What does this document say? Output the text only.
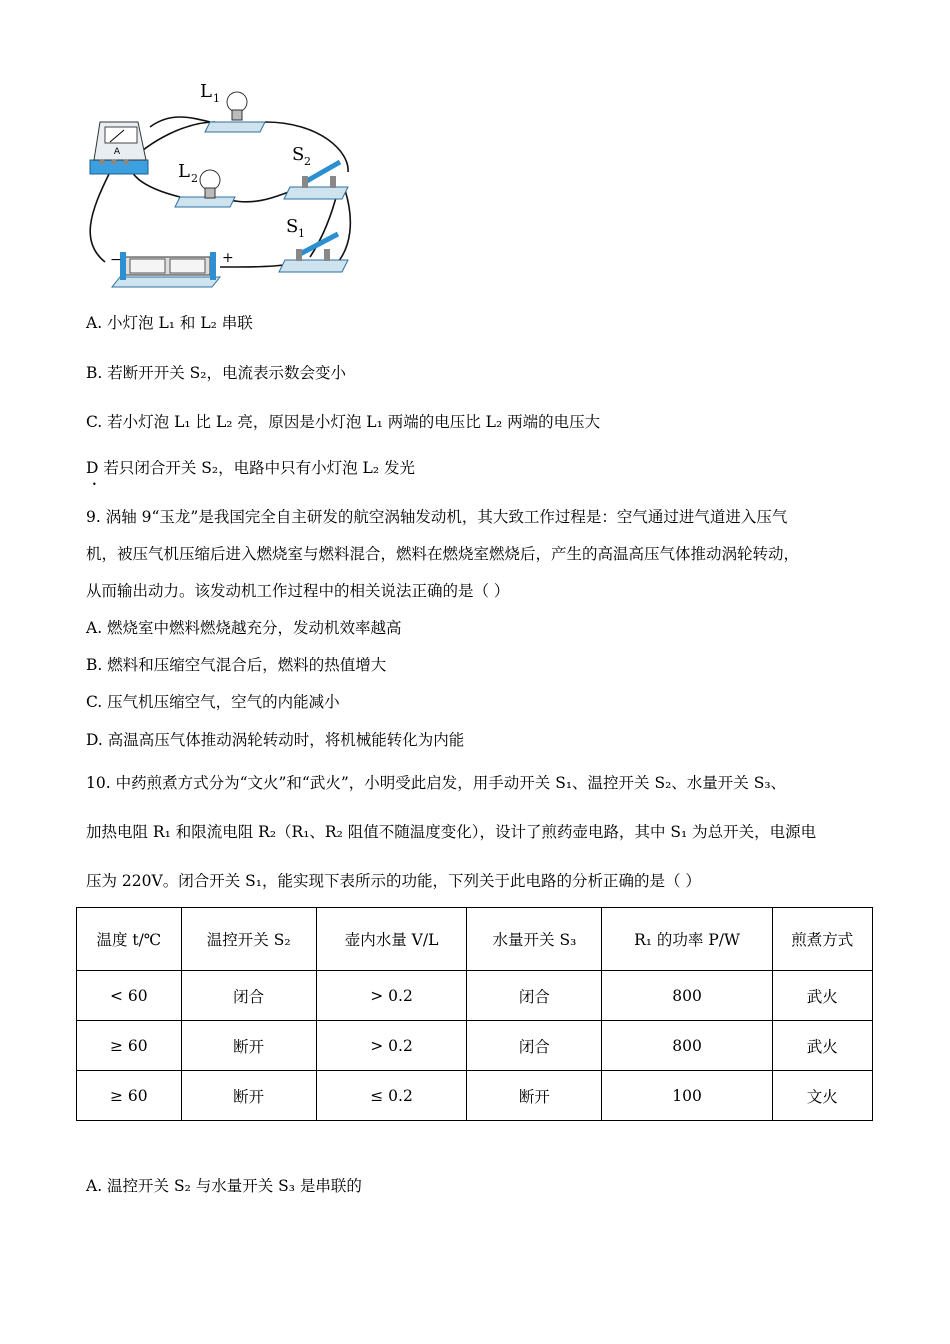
A
L 1
L 2
S 2
S 1
−	+
A. 小灯泡 L₁ 和 L₂ 串联
B. 若断开开关 S₂，电流表示数会变小
C. 若小灯泡 L₁ 比 L₂ 亮，原因是小灯泡 L₁ 两端的电压比 L₂ 两端的电压大
D 若只闭合开关 S₂，电路中只有小灯泡 L₂ 发光
•
9. 涡轴 9“玉龙”是我国完全自主研发的航空涡轴发动机，其大致工作过程是：空气通过进气道进入压气
机，被压气机压缩后进入燃烧室与燃料混合，燃料在燃烧室燃烧后，产生的高温高压气体推动涡轮转动，
从而输出动力。该发动机工作过程中的相关说法正确的是（ ）
A. 燃烧室中燃料燃烧越充分，发动机效率越高
B. 燃料和压缩空气混合后，燃料的热值增大
C. 压气机压缩空气，空气的内能减小
D. 高温高压气体推动涡轮转动时，将机械能转化为内能
10. 中药煎煮方式分为“文火”和“武火”，小明受此启发，用手动开关 S₁、温控开关 S₂、水量开关 S₃、
加热电阻 R₁ 和限流电阻 R₂（R₁、R₂ 阻值不随温度变化），设计了煎药壶电路，其中 S₁ 为总开关，电源电
压为 220V。闭合开关 S₁，能实现下表所示的功能，下列关于此电路的分析正确的是（ ）
温度 t/℃	温控开关 S₂	壶内水量 V/L	水量开关 S₃	R₁ 的功率 P/W	煎煮方式
< 60	闭合	> 0.2	闭合	800	武火
≥ 60	断开	> 0.2	闭合	800	武火
≥ 60	断开	≤ 0.2	断开	100	文火
A. 温控开关 S₂ 与水量开关 S₃ 是串联的
